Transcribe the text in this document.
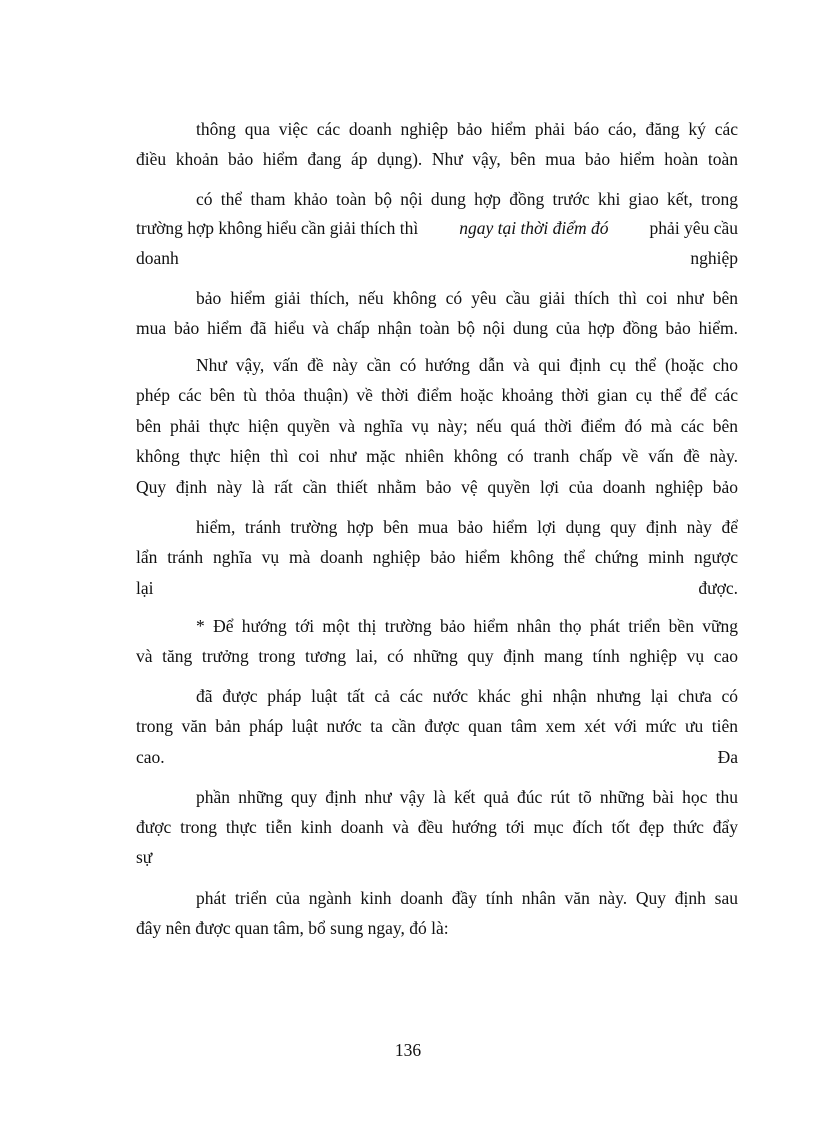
thông qua việc các doanh nghiệp bảo hiểm phải báo cáo, đăng ký các
điều khoản bảo hiểm đang áp dụng). Như vậy, bên mua bảo hiểm hoàn toàn
có thể tham khảo toàn bộ nội dung hợp đồng trước khi giao kết, trong
trường hợp không hiểu cần giải thích thì ngay tại thời điểm đó phải yêu cầu
doanh	nghiệp
bảo hiểm giải thích, nếu không có yêu cầu giải thích thì coi như bên
mua bảo hiểm đã hiểu và chấp nhận toàn bộ nội dung của hợp đồng bảo hiểm.
Như vậy, vấn đề này cần có hướng dẫn và qui định cụ thể (hoặc cho
phép các bên tù thỏa thuận) về thời điểm hoặc khoảng thời gian cụ thể để các
bên phải thực hiện quyền và nghĩa vụ này; nếu quá thời điểm đó mà các bên
không thực hiện thì coi như mặc nhiên không có tranh chấp về vấn đề này.
Quy định này là rất cần thiết nhằm bảo vệ quyền lợi của doanh nghiệp bảo
hiểm, tránh trường hợp bên mua bảo hiểm lợi dụng quy định này để
lẩn tránh nghĩa vụ mà doanh nghiệp bảo hiểm không thể chứng minh ngược
lại	được.
* Để hướng tới một thị trường bảo hiểm nhân thọ phát triển bền vững
và tăng trưởng trong tương lai, có những quy định mang tính nghiệp vụ cao
đã được pháp luật tất cả các nước khác ghi nhận nhưng lại chưa có
trong văn bản pháp luật nước ta cần được quan tâm xem xét với mức ưu tiên
cao.	Đa
phần những quy định như vậy là kết quả đúc rút tõ những bài học thu
được trong thực tiễn kinh doanh và đều hướng tới mục đích tốt đẹp thức đẩy
sự
phát triển của ngành kinh doanh đầy tính nhân văn này. Quy định sau
đây nên được quan tâm, bổ sung ngay, đó là:
136
